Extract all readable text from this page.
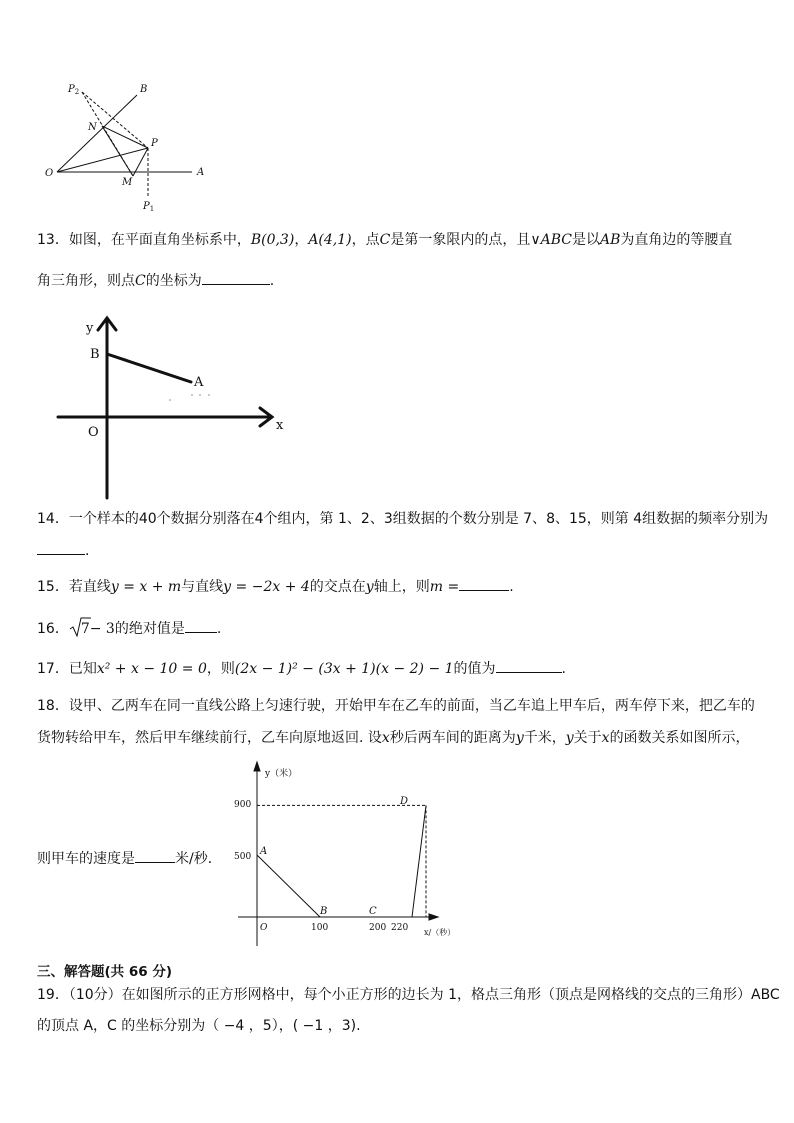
O	A
B
N
M
P
$P_1$
$P_2$
13．如图，在平面直角坐标系中，B(0,3)，A(4,1)，点C是第一象限内的点，且∨ABC是以AB为直角边的等腰直
角三角形，则点C的坐标为	.
y
x
O
B
A
14．一个样本的40个数据分别落在4个组内，第 1、2、3组数据的个数分别是 7、8、15，则第 4组数据的频率分别为
.
15．若直线y = x + m与直线y = −2x + 4的交点在y轴上，则m =	.
16． 7− 3的绝对值是 .
17．已知x² + x − 10 = 0，则(2x − 1)² − (3x + 1)(x − 2) − 1的值为	.
18．设甲、乙两车在同一直线公路上匀速行驶，开始甲车在乙车的前面，当乙车追上甲车后，两车停下来，把乙车的
货物转给甲车，然后甲车继续前行，乙车向原地返回. 设x秒后两车间的距离为y千米，y关于x的函数关系如图所示，
则甲车的速度是	米/秒．
y（米）
x/（秒）
900
500
100	200 220
O
A
B	C
D
三、解答题(共 66 分)
19．（10分）在如图所示的正方形网格中，每个小正方形的边长为 1，格点三角形（顶点是网格线的交点的三角形）ABC
的顶点 A，C 的坐标分别为（ −4 ，5），( −1 ，3).
